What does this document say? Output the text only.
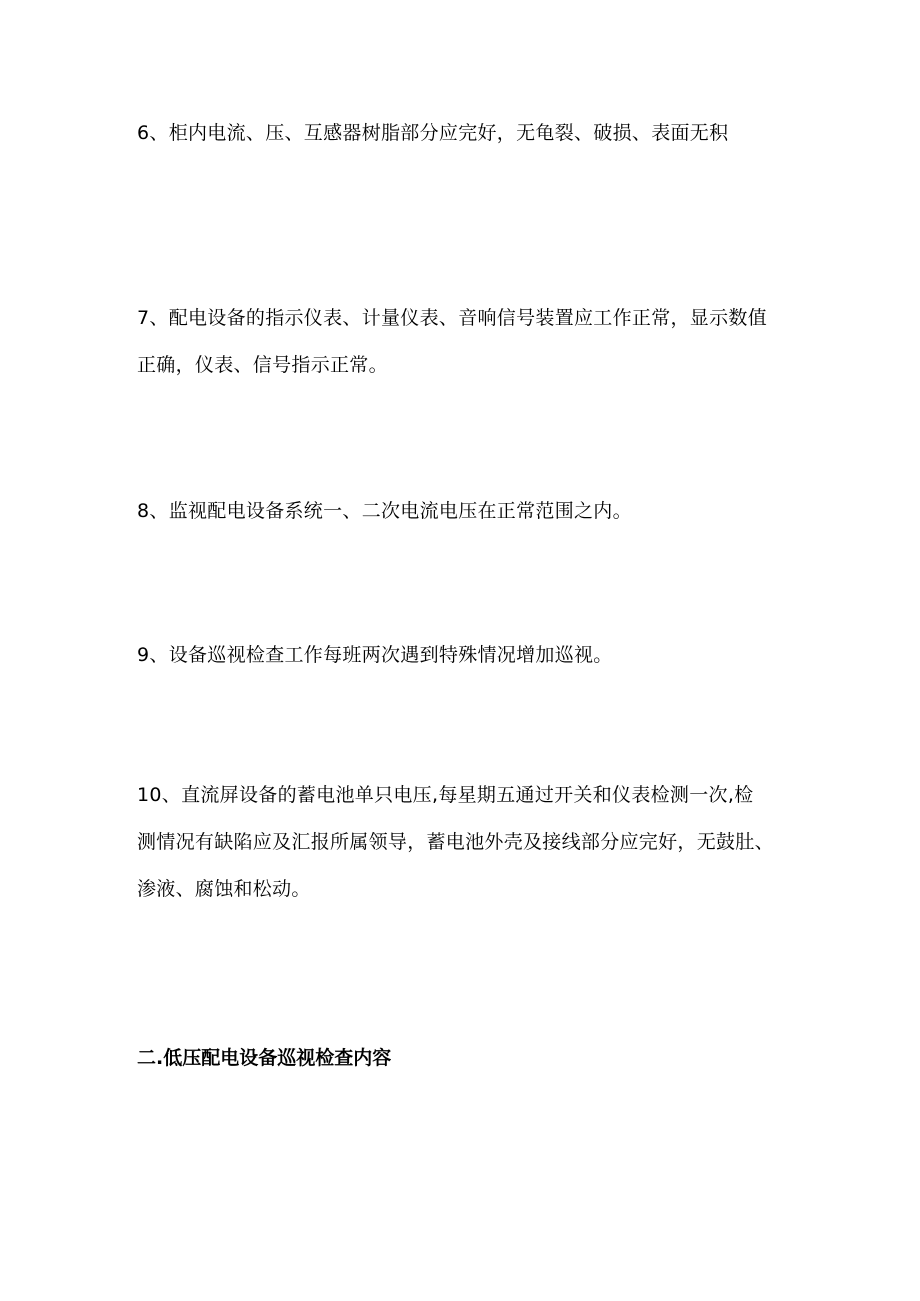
6、柜内电流、压、互感器树脂部分应完好，无龟裂、破损、表面无积

7、配电设备的指示仪表、计量仪表、音响信号装置应工作正常，显示数值
正确，仪表、信号指示正常。

8、监视配电设备系统一、二次电流电压在正常范围之内。

9、设备巡视检查工作每班两次遇到特殊情况增加巡视。

10、直流屏设备的蓄电池单只电压,每星期五通过开关和仪表检测一次,检
测情况有缺陷应及汇报所属领导，蓄电池外壳及接线部分应完好，无鼓肚、
渗液、腐蚀和松动。

二.低压配电设备巡视检查内容
